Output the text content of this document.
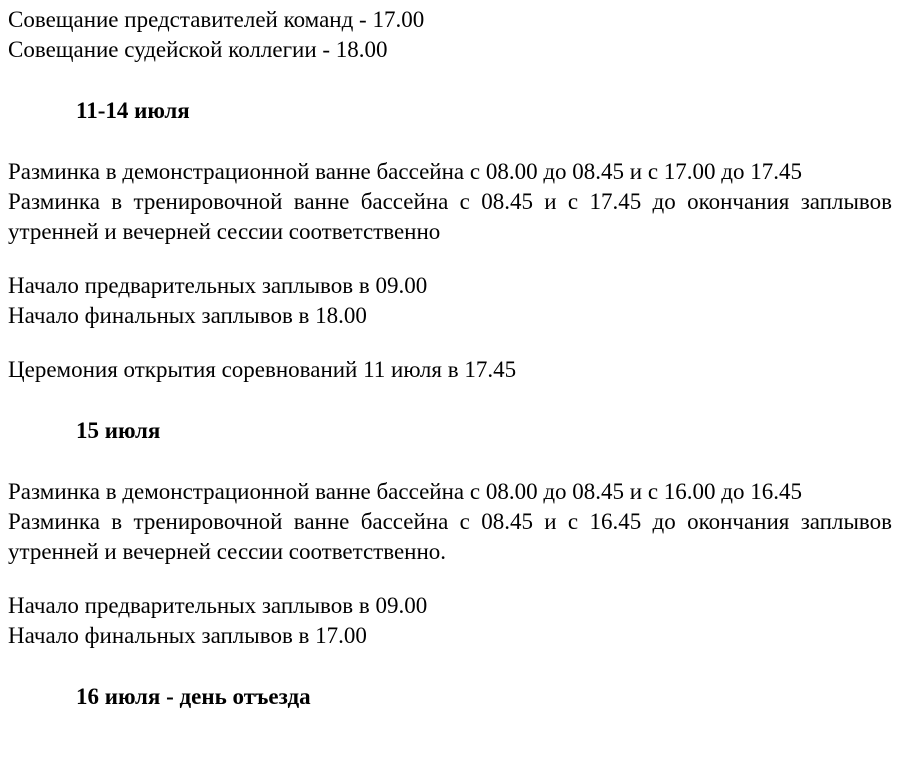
Совещание представителей команд - 17.00

Совещание судейской коллегии - 18.00

11-14 июля

Разминка в демонстрационной ванне бассейна с 08.00 до 08.45 и с 17.00 до 17.45

Разминка в тренировочной ванне бассейна с 08.45 и с 17.45 до окончания заплывов утренней и вечерней сессии соответственно

Начало предварительных заплывов в 09.00

Начало финальных заплывов в 18.00

Церемония открытия соревнований 11 июля в 17.45

15 июля

Разминка в демонстрационной ванне бассейна с 08.00 до 08.45 и с 16.00 до 16.45

Разминка в тренировочной ванне бассейна с 08.45 и с 16.45 до окончания заплывов утренней и вечерней сессии соответственно.

Начало предварительных заплывов в 09.00

Начало финальных заплывов в 17.00

16 июля - день отъезда
